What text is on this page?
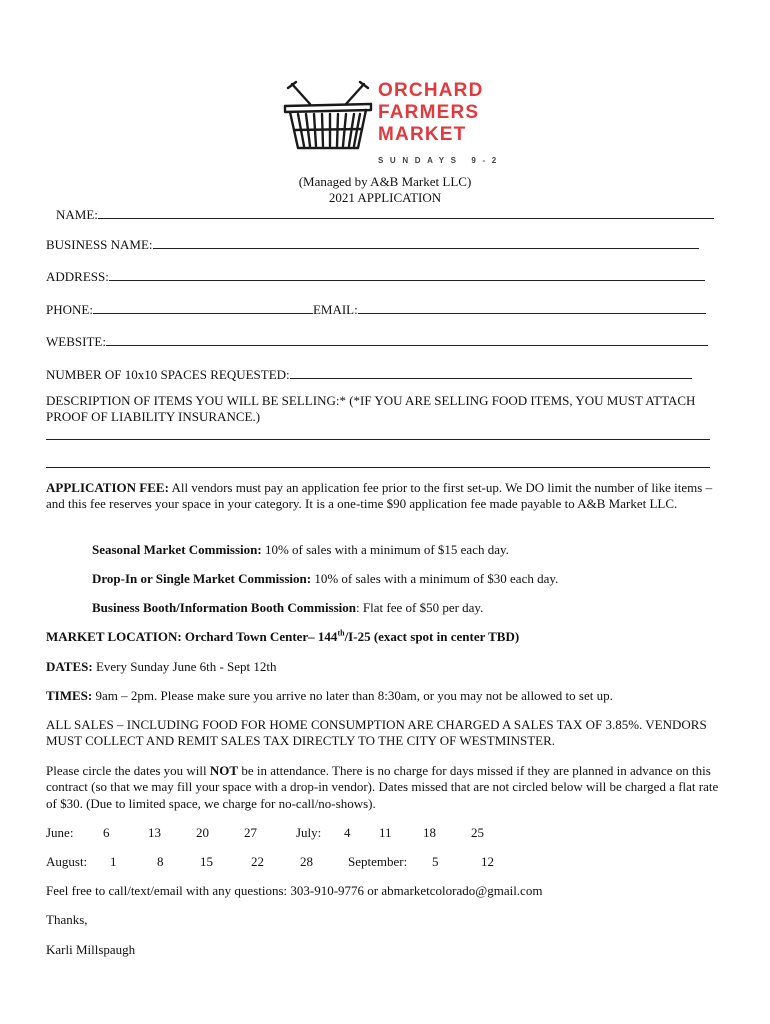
ORCHARD
FARMERS
MARKET
SUNDAYS 9-2
(Managed by A&B Market LLC)
2021 APPLICATION
NAME:
BUSINESS NAME:
ADDRESS:
PHONE:	EMAIL:
WEBSITE:
NUMBER OF 10x10 SPACES REQUESTED:
DESCRIPTION OF ITEMS YOU WILL BE SELLING:* (*IF YOU ARE SELLING FOOD ITEMS, YOU MUST ATTACH PROOF OF LIABILITY INSURANCE.)
APPLICATION FEE: All vendors must pay an application fee prior to the first set-up. We DO limit the number of like items – and this fee reserves your space in your category. It is a one-time $90 application fee made payable to A&B Market LLC.
Seasonal Market Commission: 10% of sales with a minimum of $15 each day.
Drop-In or Single Market Commission: 10% of sales with a minimum of $30 each day.
Business Booth/Information Booth Commission: Flat fee of $50 per day.
MARKET LOCATION: Orchard Town Center– 144th/I-25 (exact spot in center TBD)
DATES: Every Sunday June 6th - Sept 12th
TIMES: 9am – 2pm. Please make sure you arrive no later than 8:30am, or you may not be allowed to set up.
ALL SALES – INCLUDING FOOD FOR HOME CONSUMPTION ARE CHARGED A SALES TAX OF 3.85%. VENDORS MUST COLLECT AND REMIT SALES TAX DIRECTLY TO THE CITY OF WESTMINSTER.
Please circle the dates you will NOT be in attendance. There is no charge for days missed if they are planned in advance on this contract (so that we may fill your space with a drop-in vendor). Dates missed that are not circled below will be charged a flat rate of $30. (Due to limited space, we charge for no-call/no-shows).
June: 6	13	20	27	July: 4 11 18	25
August: 1	8	15	22	28	September: 5	12
Feel free to call/text/email with any questions: 303-910-9776 or abmarketcolorado@gmail.com
Thanks,
Karli Millspaugh
